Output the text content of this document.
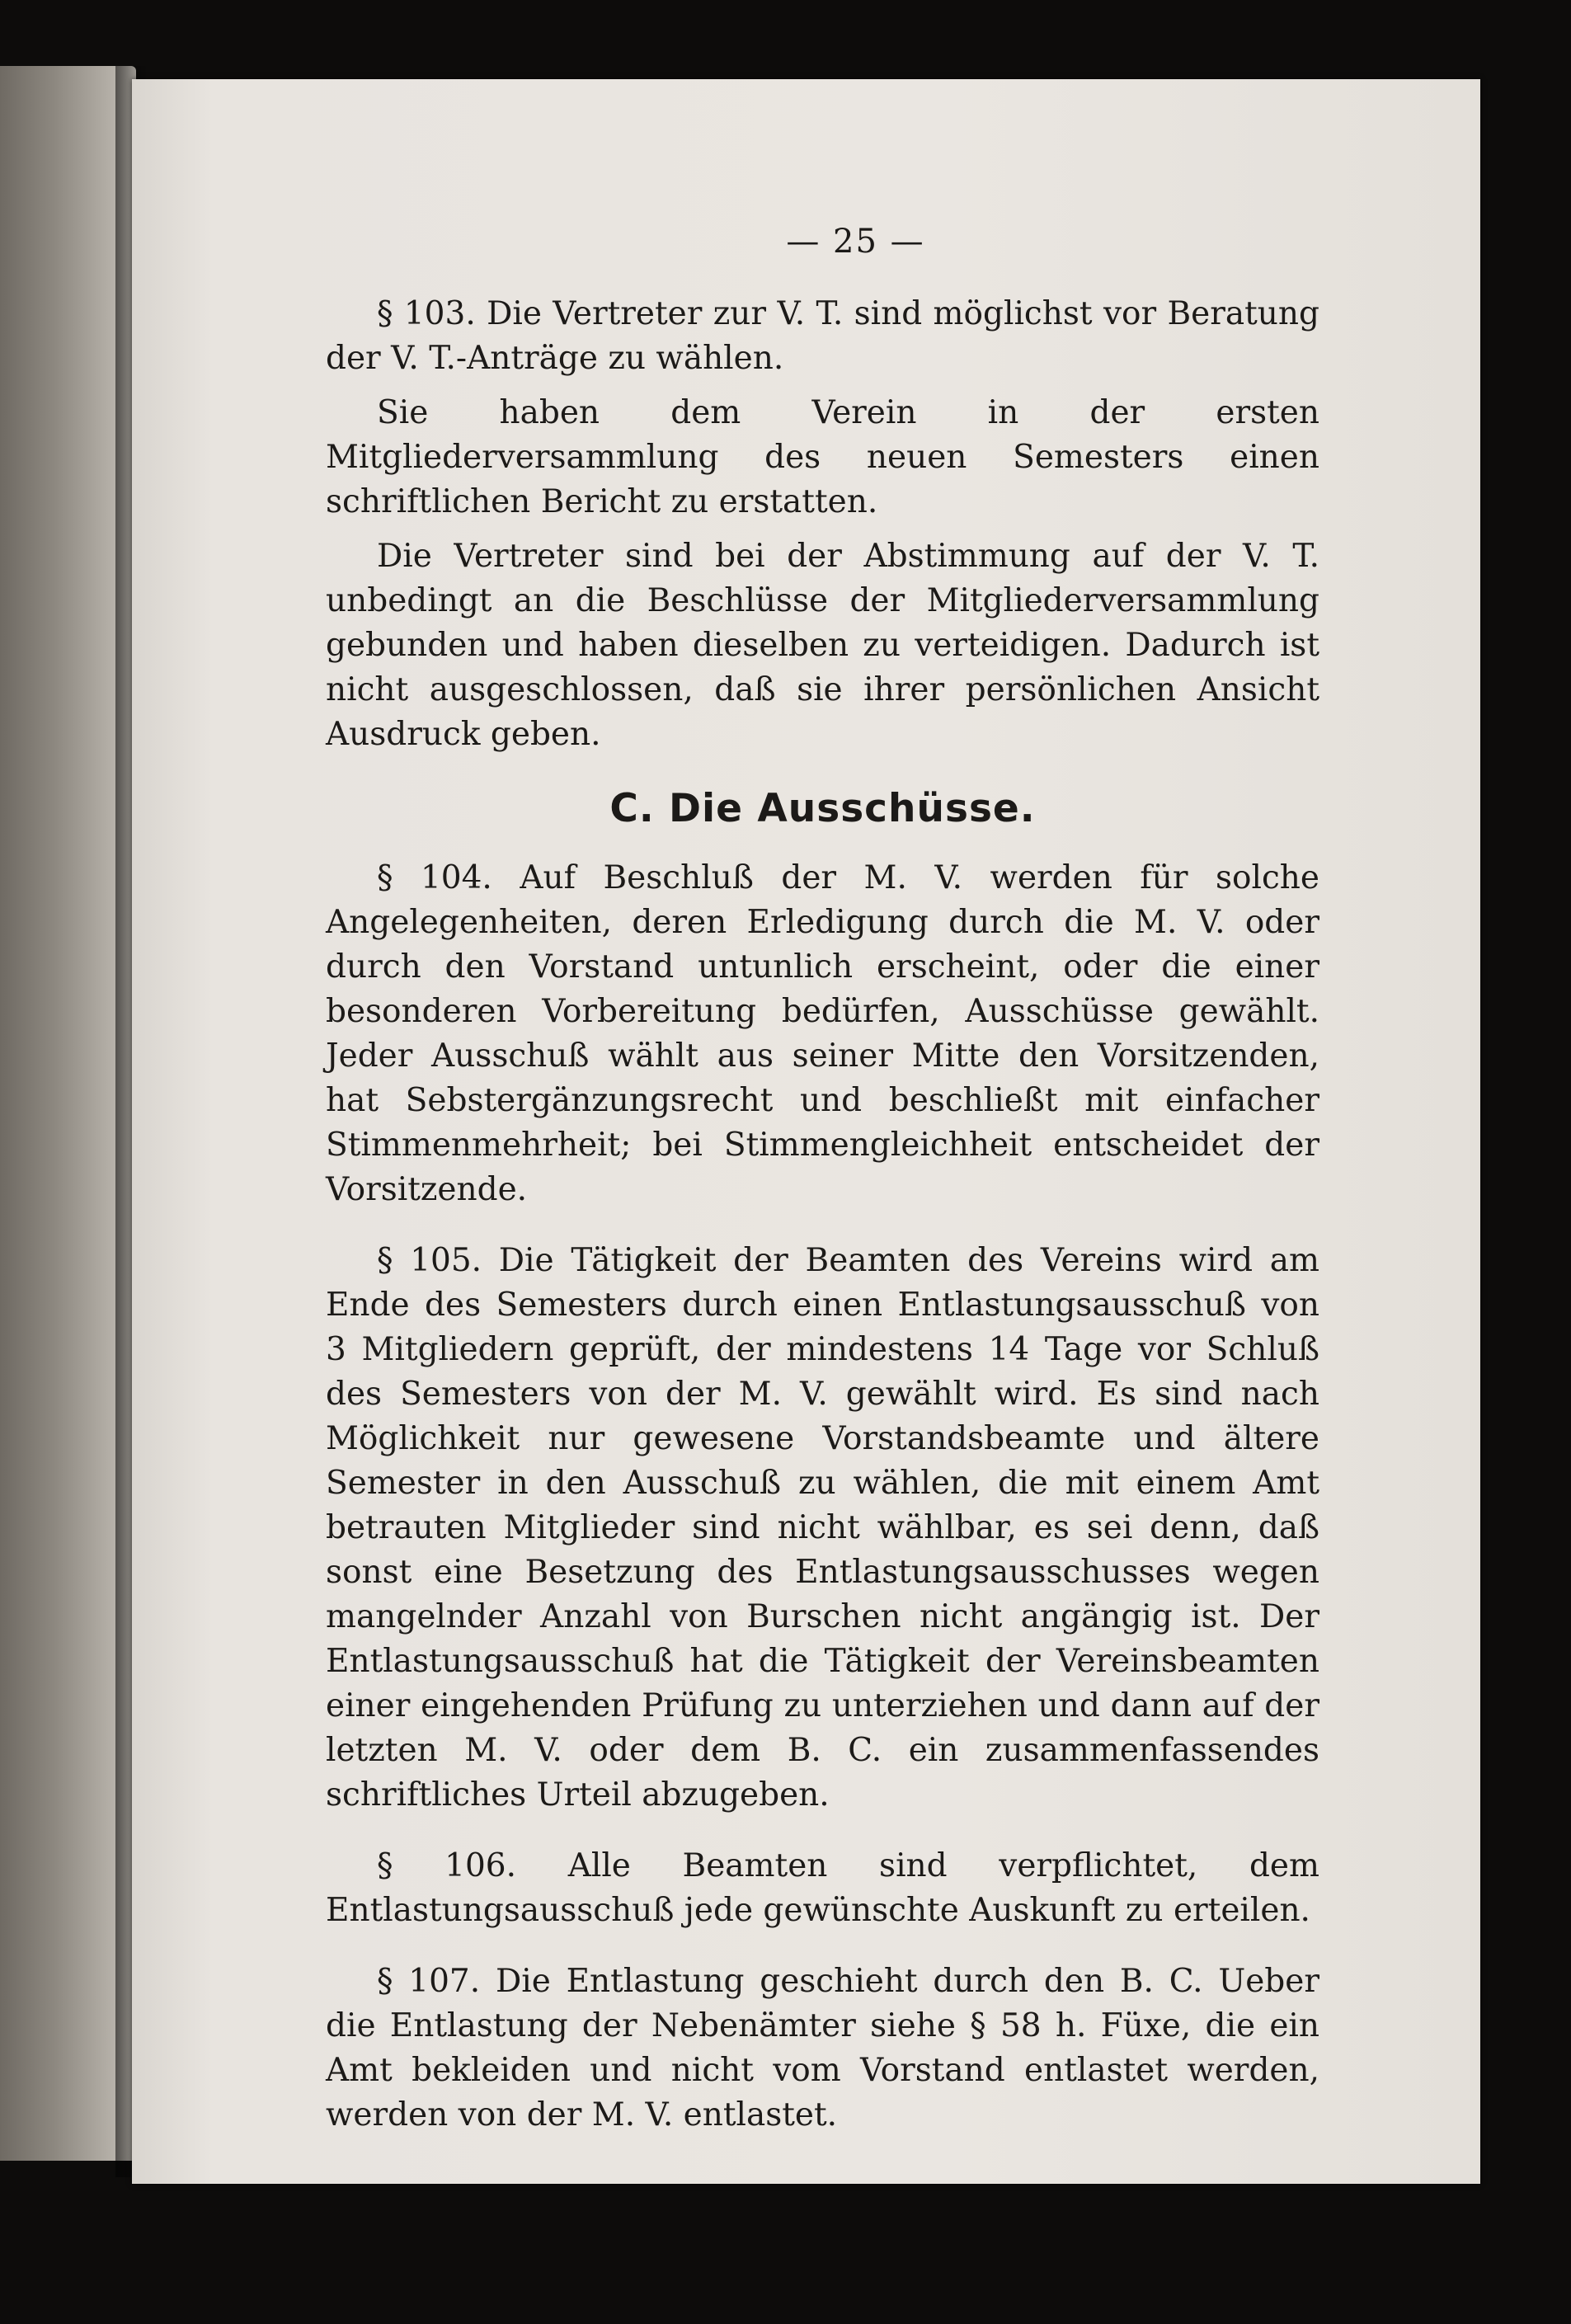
— 25 —

§ 103. Die Vertreter zur V. T. sind möglichst vor Beratung der V. T.-Anträge zu wählen.

Sie haben dem Verein in der ersten Mitgliederversammlung des neuen Semesters einen schriftlichen Bericht zu erstatten.

Die Vertreter sind bei der Abstimmung auf der V. T. unbedingt an die Beschlüsse der Mitgliederversammlung gebunden und haben dieselben zu verteidigen. Dadurch ist nicht ausgeschlossen, daß sie ihrer persönlichen Ansicht Ausdruck geben.

C. Die Ausschüsse.

§ 104. Auf Beschluß der M. V. werden für solche Angelegenheiten, deren Erledigung durch die M. V. oder durch den Vorstand untunlich erscheint, oder die einer besonderen Vorbereitung bedürfen, Ausschüsse gewählt. Jeder Ausschuß wählt aus seiner Mitte den Vorsitzenden, hat Sebstergänzungsrecht und beschließt mit einfacher Stimmenmehrheit; bei Stimmengleichheit entscheidet der Vorsitzende.

§ 105. Die Tätigkeit der Beamten des Vereins wird am Ende des Semesters durch einen Entlastungsausschuß von 3 Mitgliedern geprüft, der mindestens 14 Tage vor Schluß des Semesters von der M. V. gewählt wird. Es sind nach Möglichkeit nur gewesene Vorstandsbeamte und ältere Semester in den Ausschuß zu wählen, die mit einem Amt betrauten Mitglieder sind nicht wählbar, es sei denn, daß sonst eine Besetzung des Entlastungsausschusses wegen mangelnder Anzahl von Burschen nicht angängig ist. Der Entlastungsausschuß hat die Tätigkeit der Vereinsbeamten einer eingehenden Prüfung zu unterziehen und dann auf der letzten M. V. oder dem B. C. ein zusammenfassendes schriftliches Urteil abzugeben.

§ 106. Alle Beamten sind verpflichtet, dem Entlastungsausschuß jede gewünschte Auskunft zu erteilen.

§ 107. Die Entlastung geschieht durch den B. C. Ueber die Entlastung der Nebenämter siehe § 58 h. Füxe, die ein Amt bekleiden und nicht vom Vorstand entlastet werden, werden von der M. V. entlastet.
